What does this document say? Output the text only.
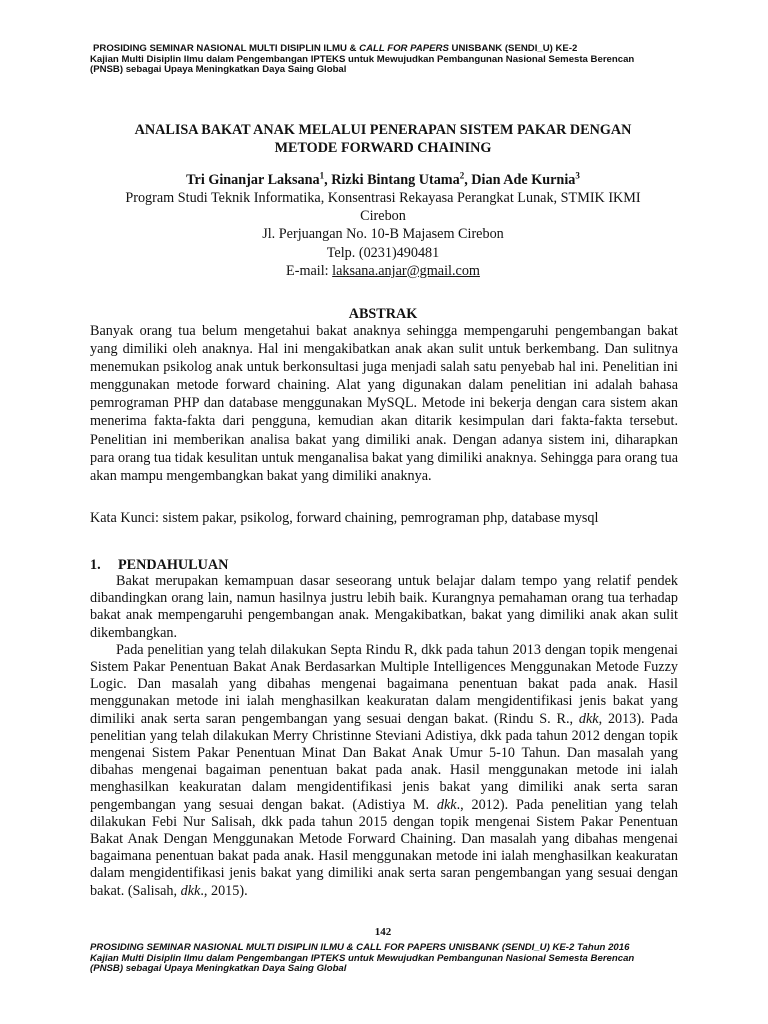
PROSIDING SEMINAR NASIONAL MULTI DISIPLIN ILMU & CALL FOR PAPERS UNISBANK (SENDI_U) KE-2
Kajian Multi Disiplin Ilmu dalam Pengembangan IPTEKS untuk Mewujudkan Pembangunan Nasional Semesta Berencan
(PNSB) sebagai Upaya Meningkatkan Daya Saing Global
ANALISA BAKAT ANAK MELALUI PENERAPAN SISTEM PAKAR DENGAN
METODE FORWARD CHAINING
Tri Ginanjar Laksana$^1$, Rizki Bintang Utama$^2$, Dian Ade Kurnia$^3$
Program Studi Teknik Informatika, Konsentrasi Rekayasa Perangkat Lunak, STMIK IKMI
Cirebon
Jl. Perjuangan No. 10-B Majasem Cirebon
Telp. (0231)490481
E-mail: laksana.anjar@gmail.com
ABSTRAK
Banyak orang tua belum mengetahui bakat anaknya sehingga mempengaruhi pengembangan bakat yang dimiliki oleh anaknya. Hal ini mengakibatkan anak akan sulit untuk berkembang. Dan sulitnya menemukan psikolog anak untuk berkonsultasi juga menjadi salah satu penyebab hal ini. Penelitian ini menggunakan metode forward chaining. Alat yang digunakan dalam penelitian ini adalah bahasa pemrograman PHP dan database menggunakan MySQL. Metode ini bekerja dengan cara sistem akan menerima fakta-fakta dari pengguna, kemudian akan ditarik kesimpulan dari fakta-fakta tersebut. Penelitian ini memberikan analisa bakat yang dimiliki anak. Dengan adanya sistem ini, diharapkan para orang tua tidak kesulitan untuk menganalisa bakat yang dimiliki anaknya. Sehingga para orang tua akan mampu mengembangkan bakat yang dimiliki anaknya.
Kata Kunci: sistem pakar, psikolog, forward chaining, pemrograman php, database mysql
1. PENDAHULUAN

Bakat merupakan kemampuan dasar seseorang untuk belajar dalam tempo yang relatif pendek dibandingkan orang lain, namun hasilnya justru lebih baik. Kurangnya pemahaman orang tua terhadap bakat anak mempengaruhi pengembangan anak. Mengakibatkan, bakat yang dimiliki anak akan sulit dikembangkan.

Pada penelitian yang telah dilakukan Septa Rindu R, dkk pada tahun 2013 dengan topik mengenai Sistem Pakar Penentuan Bakat Anak Berdasarkan Multiple Intelligences Menggunakan Metode Fuzzy Logic. Dan masalah yang dibahas mengenai bagaimana penentuan bakat pada anak. Hasil menggunakan metode ini ialah menghasilkan keakuratan dalam mengidentifikasi jenis bakat yang dimiliki anak serta saran pengembangan yang sesuai dengan bakat. (Rindu S. R., dkk, 2013). Pada penelitian yang telah dilakukan Merry Christinne Steviani Adistiya, dkk pada tahun 2012 dengan topik mengenai Sistem Pakar Penentuan Minat Dan Bakat Anak Umur 5-10 Tahun. Dan masalah yang dibahas mengenai bagaiman penentuan bakat pada anak. Hasil menggunakan metode ini ialah menghasilkan keakuratan dalam mengidentifikasi jenis bakat yang dimiliki anak serta saran pengembangan yang sesuai dengan bakat. (Adistiya M. dkk., 2012). Pada penelitian yang telah dilakukan Febi Nur Salisah, dkk pada tahun 2015 dengan topik mengenai Sistem Pakar Penentuan Bakat Anak Dengan Menggunakan Metode Forward Chaining. Dan masalah yang dibahas mengenai bagaimana penentuan bakat pada anak. Hasil menggunakan metode ini ialah menghasilkan keakuratan dalam mengidentifikasi jenis bakat yang dimiliki anak serta saran pengembangan yang sesuai dengan bakat. (Salisah, dkk., 2015).

142
PROSIDING SEMINAR NASIONAL MULTI DISIPLIN ILMU & CALL FOR PAPERS UNISBANK (SENDI_U) KE-2 Tahun 2016
Kajian Multi Disiplin Ilmu dalam Pengembangan IPTEKS untuk Mewujudkan Pembangunan Nasional Semesta Berencan
(PNSB) sebagai Upaya Meningkatkan Daya Saing Global
